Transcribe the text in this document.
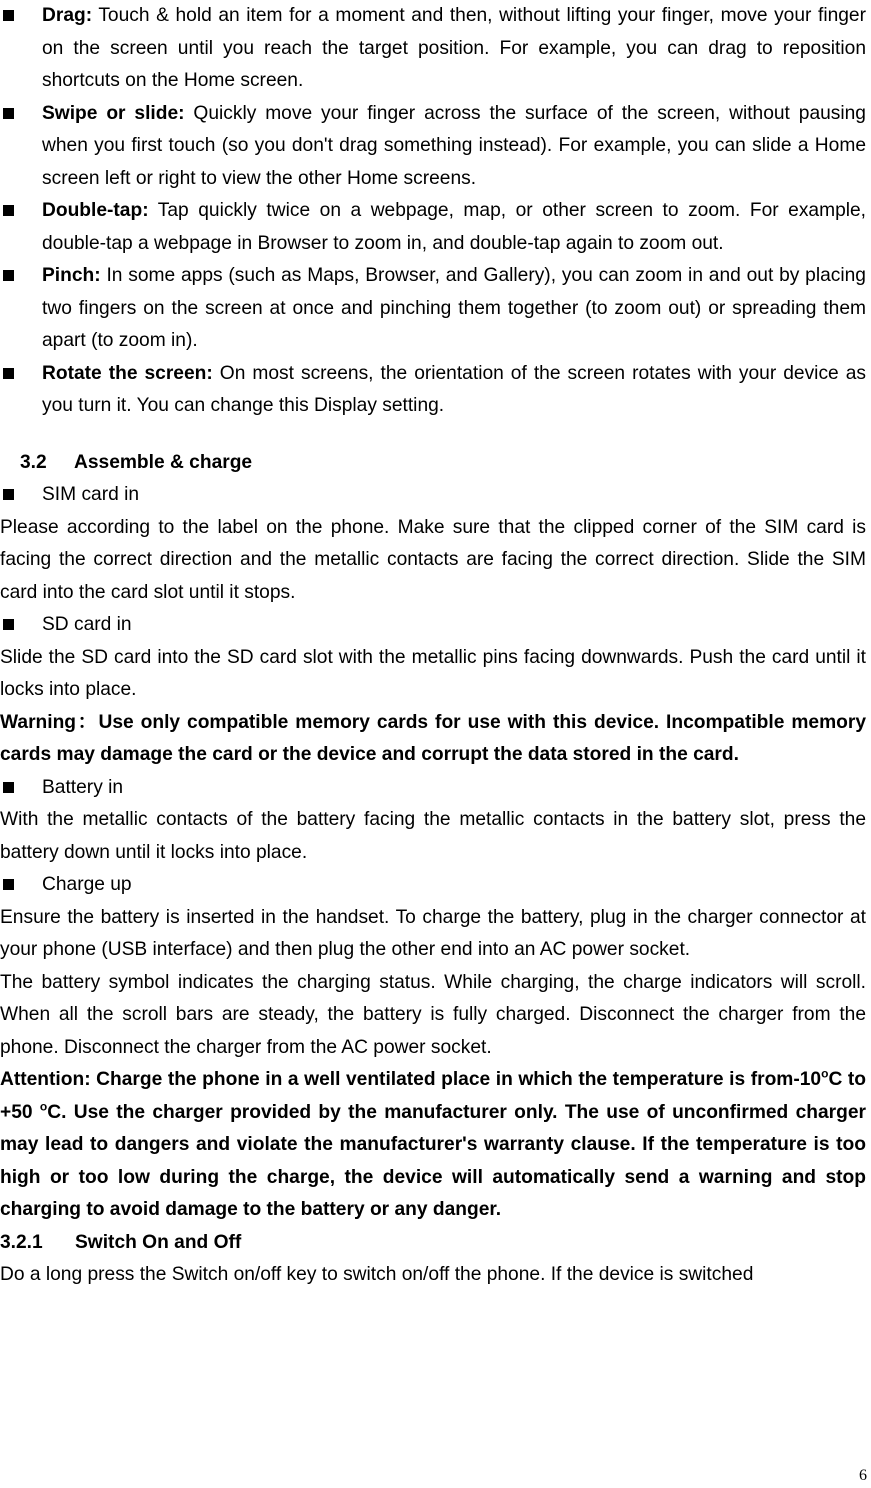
Drag: Touch & hold an item for a moment and then, without lifting your finger, move your finger on the screen until you reach the target position. For example, you can drag to reposition shortcuts on the Home screen.

Swipe or slide: Quickly move your finger across the surface of the screen, without pausing when you first touch (so you don't drag something instead). For example, you can slide a Home screen left or right to view the other Home screens.

Double-tap: Tap quickly twice on a webpage, map, or other screen to zoom. For example, double-tap a webpage in Browser to zoom in, and double-tap again to zoom out.

Pinch: In some apps (such as Maps, Browser, and Gallery), you can zoom in and out by placing two fingers on the screen at once and pinching them together (to zoom out) or spreading them apart (to zoom in).

Rotate the screen: On most screens, the orientation of the screen rotates with your device as you turn it. You can change this Display setting.

3.2 Assemble & charge

SIM card in

Please according to the label on the phone. Make sure that the clipped corner of the SIM card is facing the correct direction and the metallic contacts are facing the correct direction. Slide the SIM card into the card slot until it stops.

SD card in

Slide the SD card into the SD card slot with the metallic pins facing downwards. Push the card until it locks into place.

Warning：Use only compatible memory cards for use with this device. Incompatible memory cards may damage the card or the device and corrupt the data stored in the card.

Battery in

With the metallic contacts of the battery facing the metallic contacts in the battery slot, press the battery down until it locks into place.

Charge up

Ensure the battery is inserted in the handset. To charge the battery, plug in the charger connector at your phone (USB interface) and then plug the other end into an AC power socket.

The battery symbol indicates the charging status. While charging, the charge indicators will scroll. When all the scroll bars are steady, the battery is fully charged. Disconnect the charger from the phone. Disconnect the charger from the AC power socket.

Attention: Charge the phone in a well ventilated place in which the temperature is from-10$^o$C to +50 $^o$C. Use the charger provided by the manufacturer only. The use of unconfirmed charger may lead to dangers and violate the manufacturer's warranty clause. If the temperature is too high or too low during the charge, the device will automatically send a warning and stop charging to avoid damage to the battery or any danger.

3.2.1 Switch On and Off

Do a long press the Switch on/off key to switch on/off the phone. If the device is switched

6
